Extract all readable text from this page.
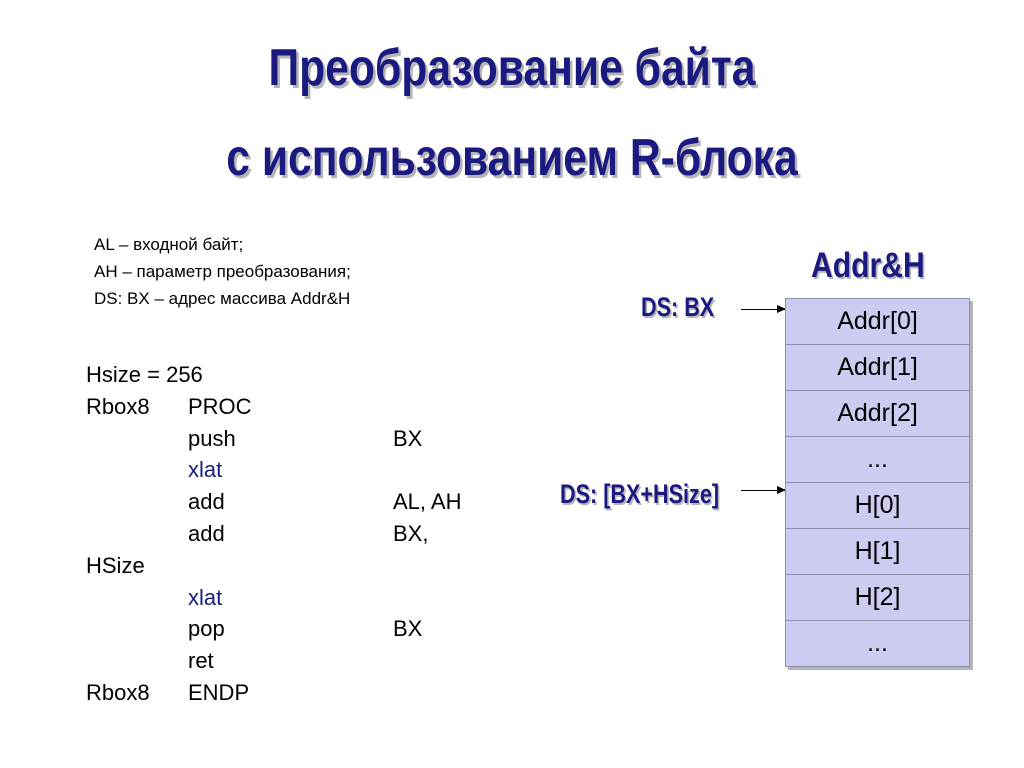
Преобразование байта
с использованием R-блока
AL – входной байт;
AH – параметр преобразования;
DS: BX – адрес массива Addr&H
Hsize = 256
Rbox8 PROC
push	BX
xlat
add	AL, AH
add	BX,
HSize
xlat
pop	BX
ret
Rbox8 ENDP
Addr&H
DS: BX
DS: [BX+HSize]
Addr[0]
Addr[1]
Addr[2]
...
H[0]
H[1]
H[2]
...
